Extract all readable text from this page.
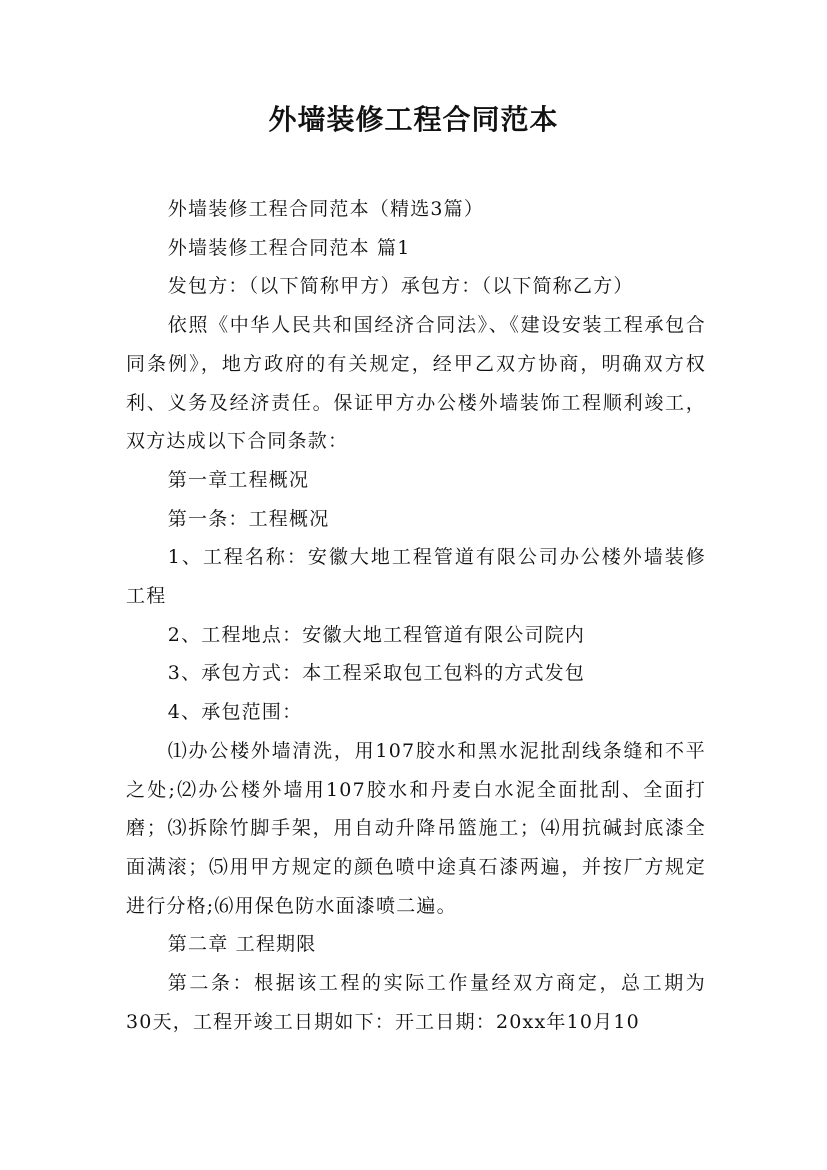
外墙装修工程合同范本

外墙装修工程合同范本（精选3篇）

外墙装修工程合同范本 篇1

发包方：（以下简称甲方）承包方：（以下简称乙方）

依照《中华人民共和国经济合同法》、《建设安装工程承包合同条例》，地方政府的有关规定，经甲乙双方协商，明确双方权利、义务及经济责任。保证甲方办公楼外墙装饰工程顺利竣工，双方达成以下合同条款：

第一章工程概况

第一条：工程概况

1、工程名称：安徽大地工程管道有限公司办公楼外墙装修工程

2、工程地点：安徽大地工程管道有限公司院内

3、承包方式：本工程采取包工包料的方式发包

4、承包范围：

⑴办公楼外墙清洗，用107胶水和黑水泥批刮线条缝和不平之处;⑵办公楼外墙用107胶水和丹麦白水泥全面批刮、全面打磨；⑶拆除竹脚手架，用自动升降吊篮施工；⑷用抗碱封底漆全面满滚；⑸用甲方规定的颜色喷中途真石漆两遍，并按厂方规定进行分格;⑹用保色防水面漆喷二遍。

第二章 工程期限

第二条：根据该工程的实际工作量经双方商定，总工期为 30天，工程开竣工日期如下：开工日期：20xx年10月10
